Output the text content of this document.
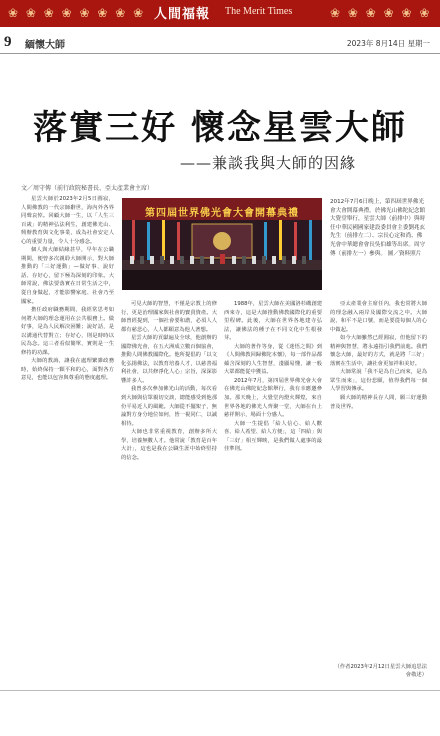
❀ ❀ ❀ ❀ ❀ ❀ ❀ ❀ 人間福報 The Merit Times	❀ ❀ ❀ ❀ ❀ ❀
9 緬懷大師	2023年 8月14日 星期一
落實三好 懷念星雲大師
——兼談我與大師的因緣
文／周守傳（前行政院秘書長、亞太產業會主席）

星雲大師於2023年2月5日圓寂，人間佛教的一代宗師辭世，海內外各界同聲哀悼。回顧大師一生，以「人生三百歲」的精神弘法利生，創建佛光山、興辦教育與文化事業，成為社會安定人心的重要力量，令人十分感念。

個人與大師結緣甚早，早年在公職期間，便曾多次親聆大師開示，對大師推動的「三好運動」—做好事、說好話、存好心，留下極為深刻的印象。大師常說，佛法要落實在日常生活之中，從自身做起，才能影響家庭、社會乃至國家。

擔任政府職務期間，我經常思考如何將大師的理念運用在公共服務上。做好事，是為人民解決困難；說好話，是以溝通代替對立；存好心，則是時時以民為念。這三者看似簡單，實則是一生修持的功課。

大師的教誨，讓我在處理繁雜政務時，始終保持一顆平和的心，面對各方意見，也能以包容與尊重的態度處理。

第四屆世界佛光會大會開幕典禮
2012年7月6日晚上，第四屆世界佛光會大會開幕典禮，於佛光山佛陀紀念館大覺堂舉行，星雲大師（前排中）與時任中華民國國家建設委員會主委劉兆玄先生（前排左二）、宗長心定和尚、佛光會中華總會會長吳伯雄等出席。周守傳（前排左一）參與。 圖／資料照片

可見大師的智慧，不僅是宗教上的修行，更是治理國家與社會的寶貴資產。大師曾經提到，一個社會要和諧，必須人人都有慈悲心，人人都願意為他人著想。

星雲大師的貢獻遍及全球，他創辦的國際佛光會，在五大洲成立數百個協會，推動人間佛教國際化。他所提倡的「以文化弘揚佛法，以教育培養人才，以慈善福利社會，以共修淨化人心」宗旨，深深影響許多人。

我曾多次參加佛光山的活動，每次看到大師與信眾親切交談，總能感受到他那份平易近人的風範。大師從不擺架子，無論對方身分地位如何，皆一視同仁，以誠相待。

大師也非常重視教育，創辦多所大學，培養無數人才。他常說「教育是百年大計」，這也是我在公職生涯中始終堅持的信念。

1988年，星雲大師在美國洛杉磯創建西來寺，這是大師推動佛教國際化的重要里程碑。此後，大師在世界各地建寺弘法，讓佛法的種子在不同文化中生根發芽。

大師的著作等身，從《迷悟之間》到《人間佛教回歸佛陀本懷》，每一部作品都蘊含深刻的人生智慧，淺顯易懂，讓一般大眾都能從中獲益。

2012年7月，第四屆世界佛光會大會在佛光山佛陀紀念館舉行，我有幸應邀參加。那天晚上，大覺堂內燈火輝煌，來自世界各地的佛光人齊聚一堂，大師在台上慈祥開示，場面十分感人。

大師一生提倡「給人信心、給人歡喜、給人希望、給人方便」，這「四給」與「三好」相互輝映，是我們做人處事的最佳準則。

亞太產業會主席任內，我也常將大師的理念融入兩岸及國際交流之中。大師說，和平不是口號，而是要從每個人的心中做起。

如今大師雖然已經圓寂，但他留下的精神與智慧，將永遠指引我們前進。我們懷念大師，最好的方式，就是將「三好」落實在生活中，讓社會更加祥和美好。

大師常說「我不是為自己而來，是為眾生而來」，這份悲願，值得我們每一個人學習與傳承。

願大師的精神長存人間，願三好運動普及世界。

（作者2023年2月12日星雲大師追思法會敬述）
